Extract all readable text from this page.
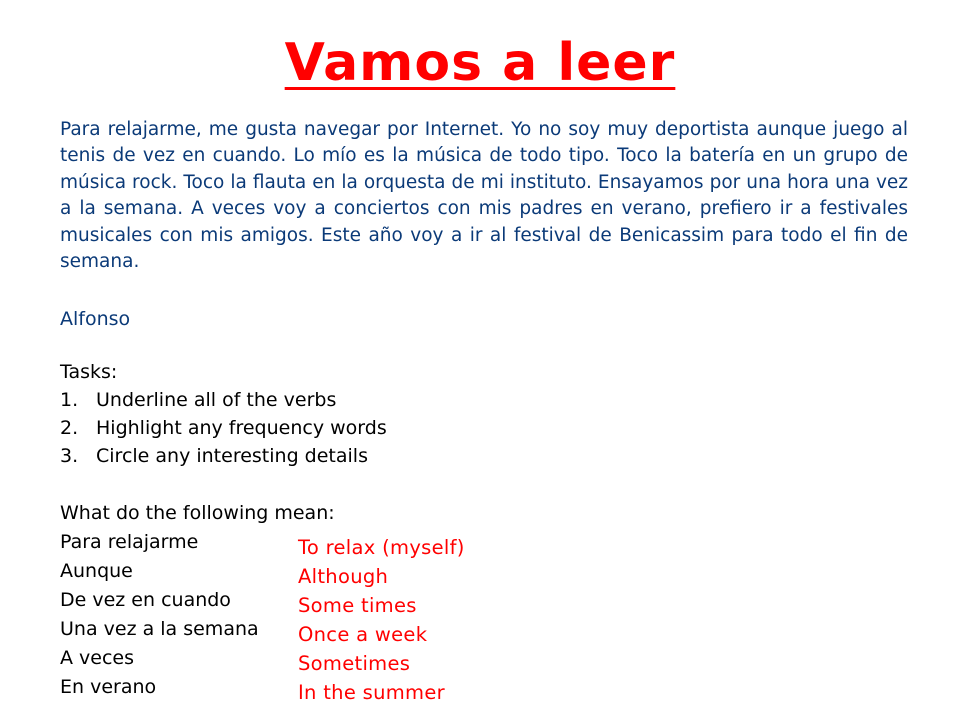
Vamos a leer

Para relajarme, me gusta navegar por Internet. Yo no soy muy deportista aunque juego al tenis de vez en cuando. Lo mío es la música de todo tipo. Toco la batería en un grupo de música rock. Toco la flauta en la orquesta de mi instituto. Ensayamos por una hora una vez a la semana. A veces voy a conciertos con mis padres en verano, prefiero ir a festivales musicales con mis amigos. Este año voy a ir al festival de Benicassim para todo el fin de semana.

Alfonso
Tasks:
1. Underline all of the verbs
2. Highlight any frequency words
3. Circle any interesting details
What do the following mean:
Para relajarme
Aunque
De vez en cuando
Una vez a la semana
A veces
En verano
To relax (myself)
Although
Some times
Once a week
Sometimes
In the summer
